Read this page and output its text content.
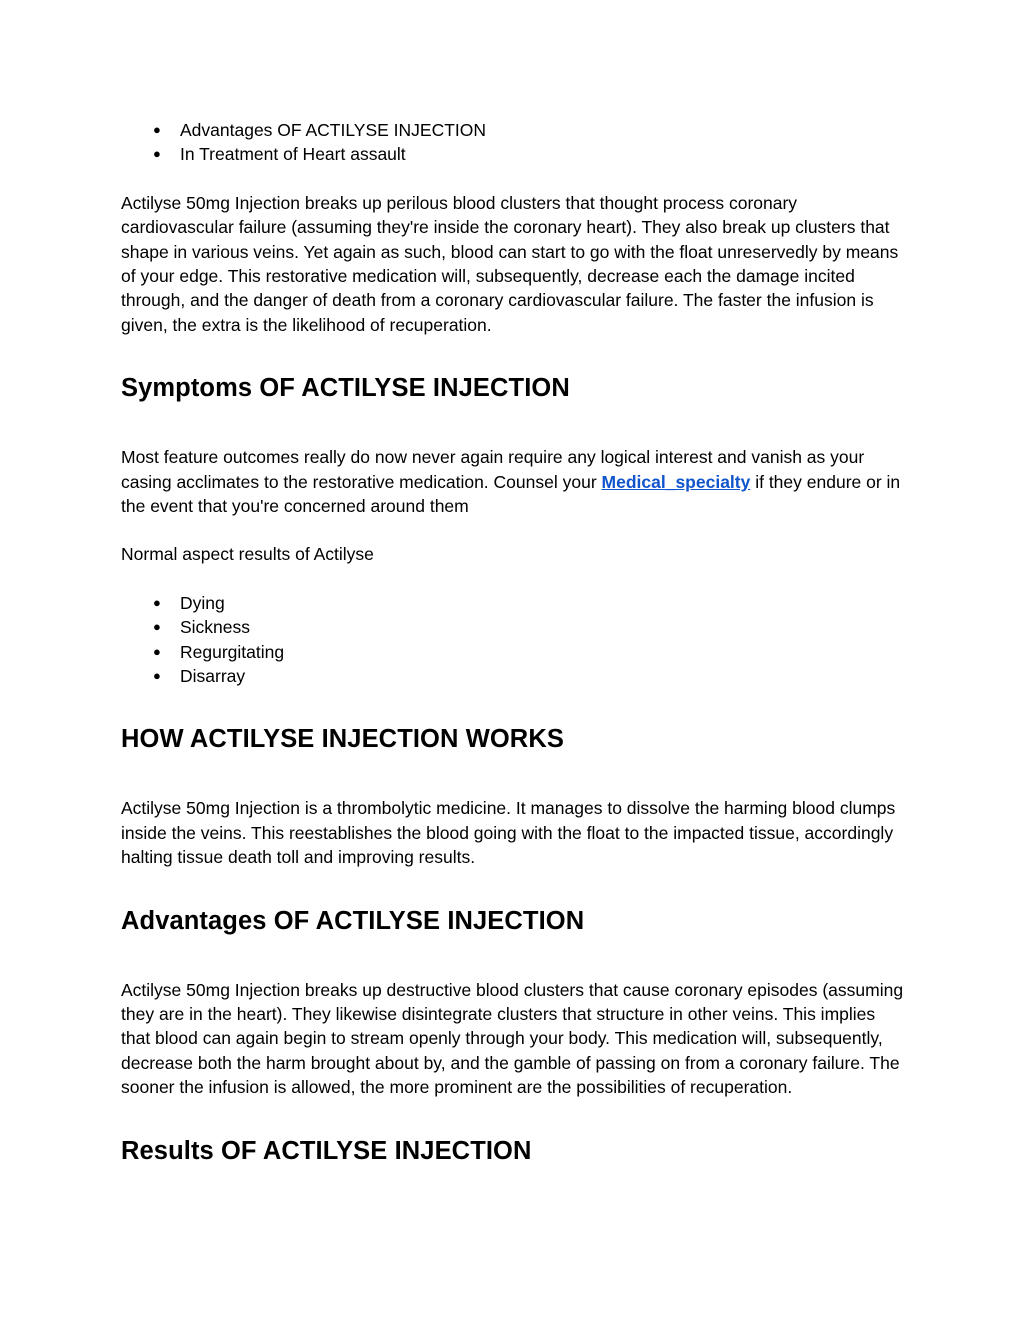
● Advantages OF ACTILYSE INJECTION
● In Treatment of Heart assault

Actilyse 50mg Injection breaks up perilous blood clusters that thought process coronary cardiovascular failure (assuming they're inside the coronary heart). They also break up clusters that shape in various veins. Yet again as such, blood can start to go with the float unreservedly by means of your edge. This restorative medication will, subsequently, decrease each the damage incited through, and the danger of death from a coronary cardiovascular failure. The faster the infusion is given, the extra is the likelihood of recuperation.

Symptoms OF ACTILYSE INJECTION

Most feature outcomes really do now never again require any logical interest and vanish as your casing acclimates to the restorative medication. Counsel your Medical_specialty if they endure or in the event that you're concerned around them

Normal aspect results of Actilyse

● Dying
● Sickness
● Regurgitating
● Disarray
HOW ACTILYSE INJECTION WORKS

Actilyse 50mg Injection is a thrombolytic medicine. It manages to dissolve the harming blood clumps inside the veins. This reestablishes the blood going with the float to the impacted tissue, accordingly halting tissue death toll and improving results.

Advantages OF ACTILYSE INJECTION

Actilyse 50mg Injection breaks up destructive blood clusters that cause coronary episodes (assuming they are in the heart). They likewise disintegrate clusters that structure in other veins. This implies that blood can again begin to stream openly through your body. This medication will, subsequently, decrease both the harm brought about by, and the gamble of passing on from a coronary failure. The sooner the infusion is allowed, the more prominent are the possibilities of recuperation.

Results OF ACTILYSE INJECTION
